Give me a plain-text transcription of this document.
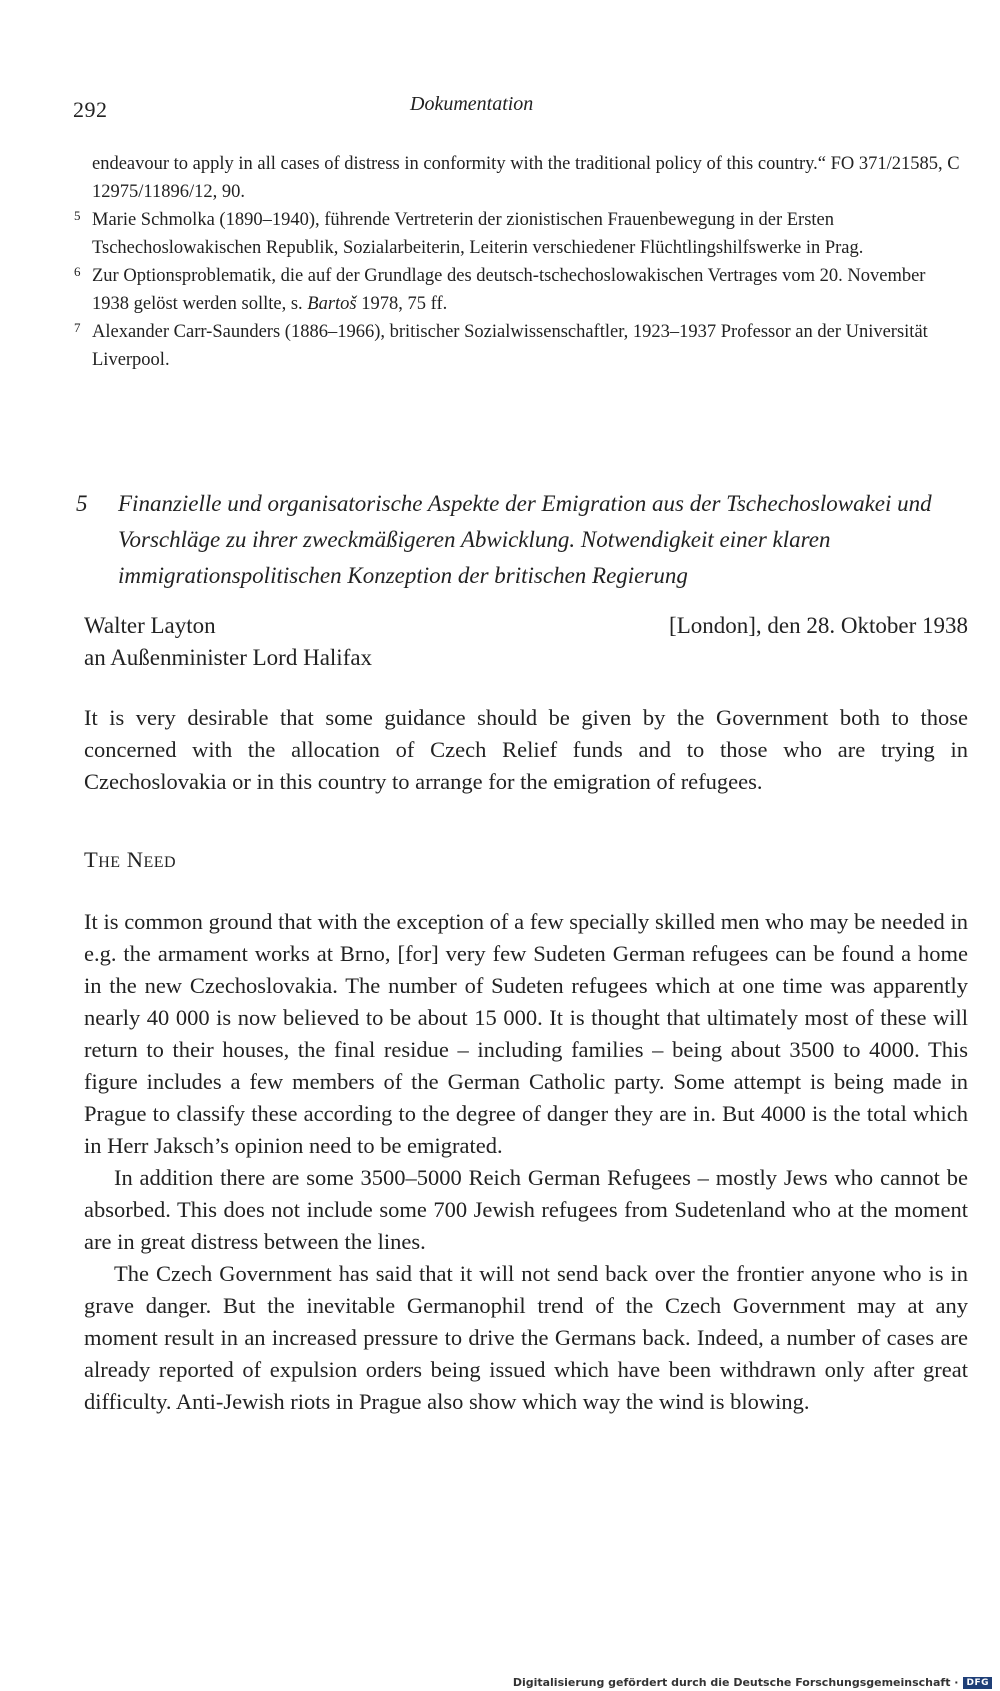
292	Dokumentation

endeavour to apply in all cases of distress in conformity with the traditional policy of this country.“ FO 371/21585, C 12975/11896/12, 90.

5 Marie Schmolka (1890–1940), führende Vertreterin der zionistischen Frauenbewegung in der Ersten Tschechoslowakischen Republik, Sozialarbeiterin, Leiterin verschiedener Flüchtlingshilfswerke in Prag.

6 Zur Optionsproblematik, die auf der Grundlage des deutsch-tschechoslowakischen Vertrages vom 20. November 1938 gelöst werden sollte, s. Bartoš 1978, 75 ff.

7 Alexander Carr-Saunders (1886–1966), britischer Sozialwissenschaftler, 1923–1937 Professor an der Universität Liverpool.

5 Finanzielle und organisatorische Aspekte der Emigration aus der Tschechoslowakei und Vorschläge zu ihrer zweckmäßigeren Abwicklung. Notwendigkeit einer klaren immigrationspolitischen Konzeption der britischen Regierung
Walter Layton	[London], den 28. Oktober 1938
an Außenminister Lord Halifax

It is very desirable that some guidance should be given by the Government both to those concerned with the allocation of Czech Relief funds and to those who are trying in Czechoslovakia or in this country to arrange for the emigration of refugees.

The Need

It is common ground that with the exception of a few specially skilled men who may be needed in e.g. the armament works at Brno, [for] very few Sudeten German refugees can be found a home in the new Czechoslovakia. The number of Sudeten refugees which at one time was apparently nearly 40 000 is now believed to be about 15 000. It is thought that ultimately most of these will return to their houses, the final residue – including families – being about 3500 to 4000. This figure includes a few members of the German Catholic party. Some attempt is being made in Prague to classify these according to the degree of danger they are in. But 4000 is the total which in Herr Jaksch’s opinion need to be emigrated.

In addition there are some 3500–5000 Reich German Refugees – mostly Jews who cannot be absorbed. This does not include some 700 Jewish refugees from Sudetenland who at the moment are in great distress between the lines.

The Czech Government has said that it will not send back over the frontier anyone who is in grave danger. But the inevitable Germanophil trend of the Czech Government may at any moment result in an increased pressure to drive the Germans back. Indeed, a number of cases are already reported of expulsion orders being issued which have been withdrawn only after great difficulty. Anti-Jewish riots in Prague also show which way the wind is blowing.

Digitalisierung gefördert durch die Deutsche Forschungsgemeinschaft · DFG
